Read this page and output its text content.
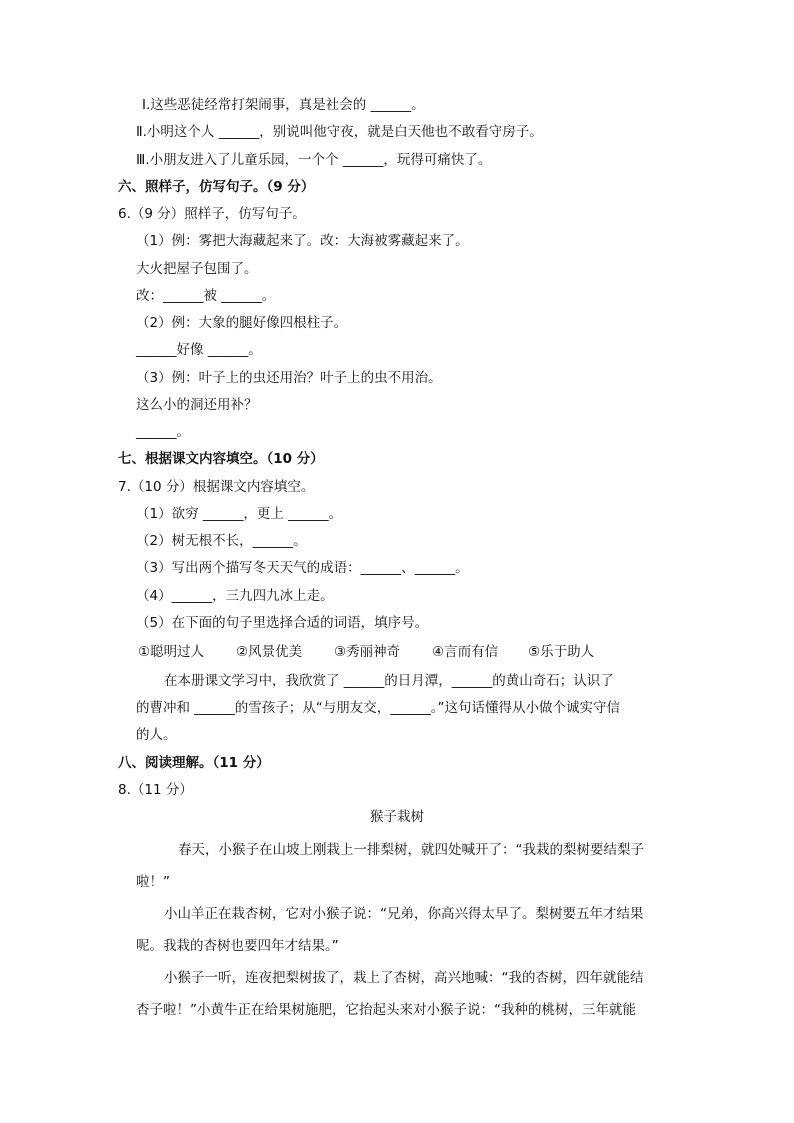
Ⅰ.这些恶徒经常打架闹事，真是社会的 ______。
Ⅱ.小明这个人 ______，别说叫他守夜，就是白天他也不敢看守房子。
Ⅲ.小朋友进入了儿童乐园，一个个 ______，玩得可痛快了。
六、照样子，仿写句子。（9 分）
6.（9 分）照样子，仿写句子。
（1）例：雾把大海藏起来了。改：大海被雾藏起来了。
大火把屋子包围了。
改：______被 ______。
（2）例：大象的腿好像四根柱子。
______好像 ______。
（3）例：叶子上的虫还用治？叶子上的虫不用治。
这么小的洞还用补？
______。
七、根据课文内容填空。（10 分）
7.（10 分）根据课文内容填空。
（1）欲穷 ______，更上 ______。
（2）树无根不长，______。
（3）写出两个描写冬天天气的成语：______、______。
（4）______，三九四九冰上走。
（5）在下面的句子里选择合适的词语，填序号。
①聪明过人 ②风景优美 ③秀丽神奇 ④言而有信 ⑤乐于助人
在本册课文学习中，我欣赏了 ______的日月潭，______的黄山奇石；认识了
的曹冲和 ______的雪孩子；从“与朋友交，______。”这句话懂得从小做个诚实守信
的人。
八、阅读理解。（11 分）
8.（11 分）
猴子栽树
春天，小猴子在山坡上刚栽上一排梨树，就四处喊开了：“我栽的梨树要结梨子
啦！”
小山羊正在栽杏树，它对小猴子说：“兄弟，你高兴得太早了。梨树要五年才结果
呢。我栽的杏树也要四年才结果。”
小猴子一听，连夜把梨树拔了，栽上了杏树，高兴地喊：“我的杏树，四年就能结
杏子啦！”小黄牛正在给果树施肥，它抬起头来对小猴子说：“我种的桃树，三年就能
